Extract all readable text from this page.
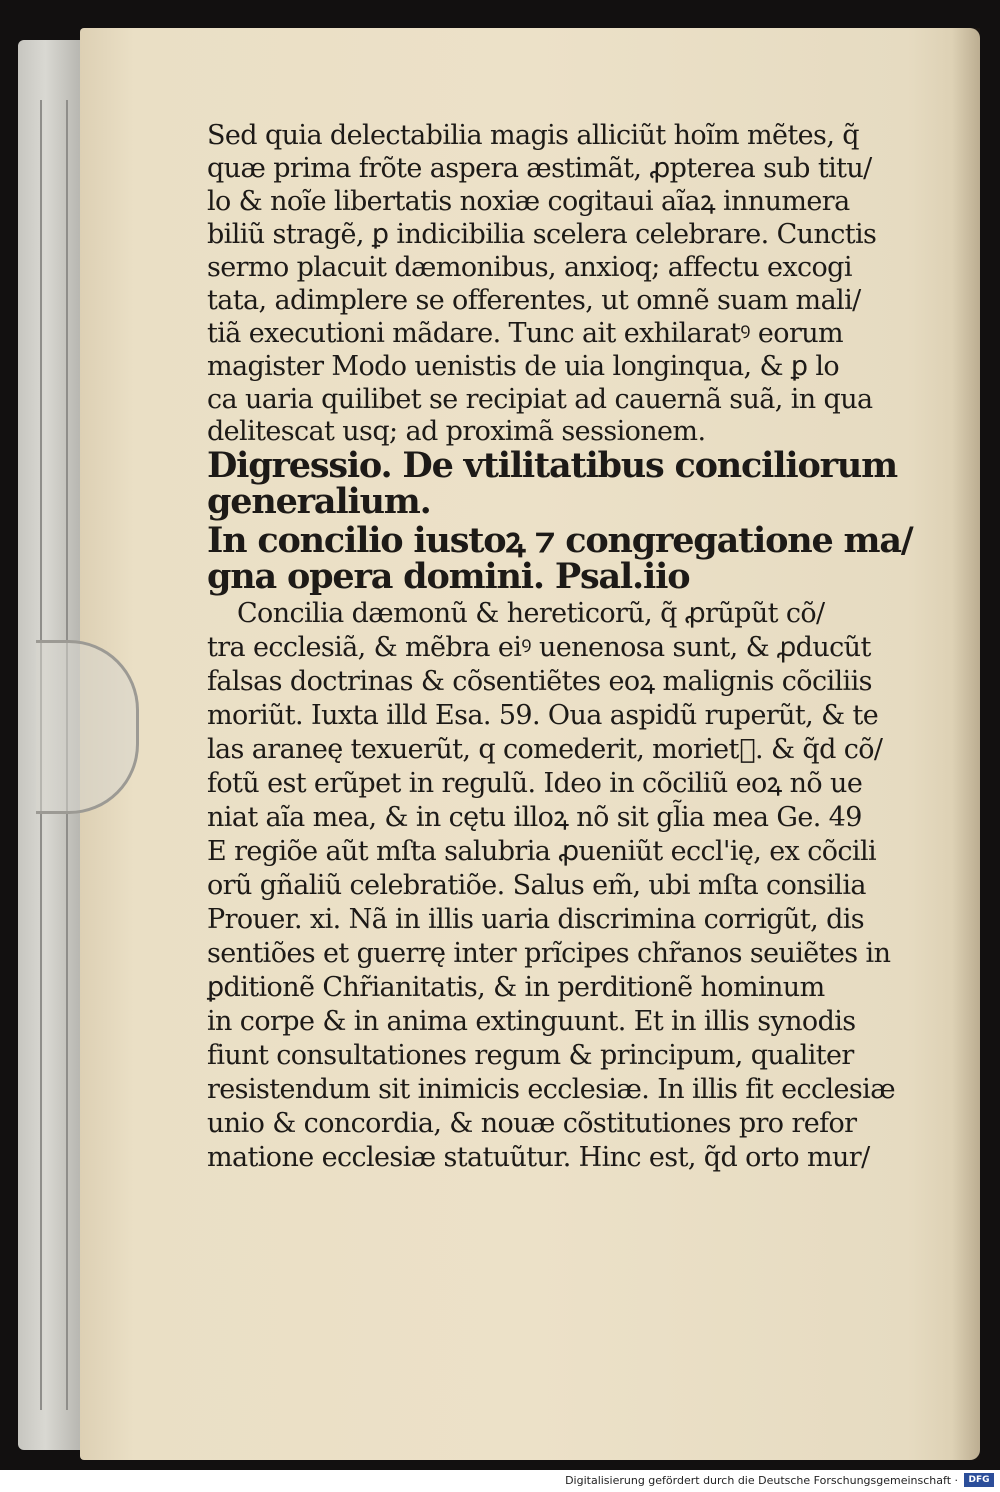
Sed quia delectabilia magis alliciũt hoĩm mẽtes, q̃
quæ prima frõte aspera æstimãt, ꝓpterea sub titu/
lo & noĩe libertatis noxiæ cogitaui aĩaꝝ innumera
biliũ stragẽ, ꝑ indicibilia scelera celebrare. Cunctis
sermo placuit dæmonibus, anxioq; affectu excogi
tata, adimplere se offerentes, ut omnẽ suam mali/
tiã executioni mãdare. Tunc ait exhilaratꝰ eorum
magister Modo uenistis de uia longinqua, & ꝑ lo
ca uaria quilibet se recipiat ad cauernã suã, in qua
delitescat usq; ad proximã sessionem.
Digressio. De vtilitatibus conciliorum
generalium.
In concilio iustoꝝ ⁊ congregatione ma/
gna opera domini. Psal.iio
Concilia dæmonũ & hereticorũ, q̃ ꝓrũpũt cõ/
tra ecclesiã, & mẽbra eiꝰ uenenosa sunt, & ꝓducũt
falsas doctrinas & cõsentiẽtes eoꝝ malignis cõciliis
moriũt. Iuxta illd Esa. 59. Oua aspidũ ruperũt, & te
las araneę texuerũt, q comederit, morietᷣ. & q̃d cõ/
fotũ est erũpet in regulũ. Ideo in cõciliũ eoꝝ nõ ue
niat aĩa mea, & in cętu illoꝝ nõ sit gl̃ia mea Ge. 49
E regiõe aũt mſta salubria ꝓueniũt eccl'ię, ex cõcili
orũ gñaliũ celebratiõe. Salus em̃, ubi mſta consilia
Prouer. xi. Nã in illis uaria discrimina corrigũt, dis
sentiões et guerrę inter prĩcipes chr̃anos seuiẽtes in
ꝑditionẽ Chr̃ianitatis, & in perditionẽ hominum
in corpe & in anima extinguunt. Et in illis synodis
fiunt consultationes regum & principum, qualiter
resistendum sit inimicis ecclesiæ. In illis fit ecclesiæ
unio & concordia, & nouæ cõstitutiones pro refor
matione ecclesiæ statuũtur. Hinc est, q̃d orto mur/
Digitalisierung gefördert durch die Deutsche Forschungsgemeinschaft ·	DFG
